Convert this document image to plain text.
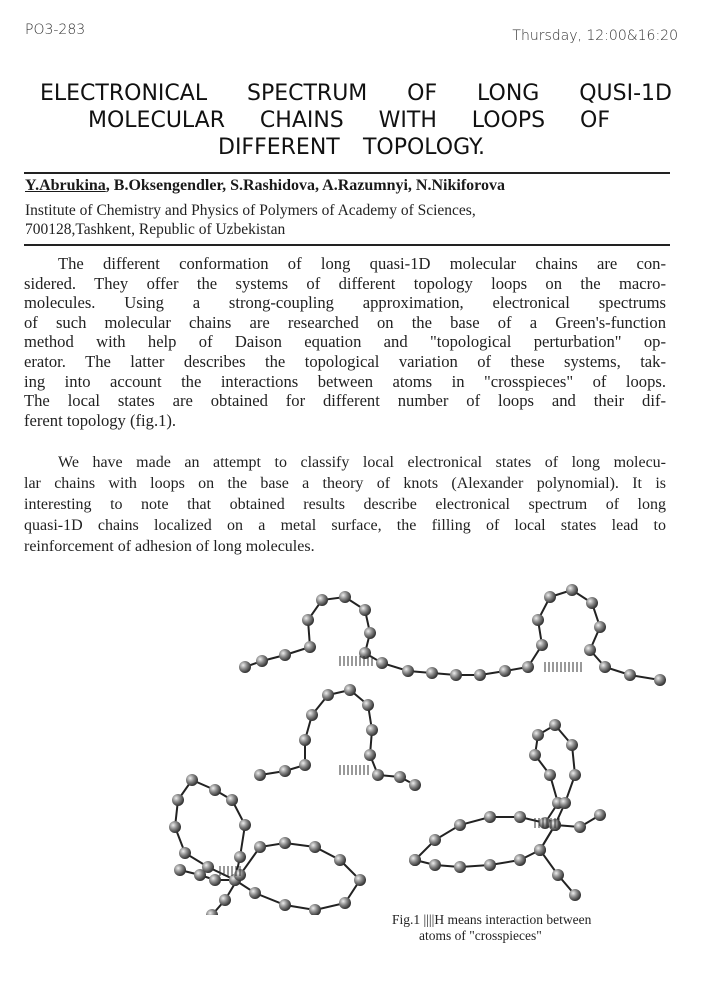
PO3-283	Thursday, 12:00&16:20
ELECTRONICAL SPECTRUM OF LONG QUSI-1D
MOLECULAR CHAINS WITH LOOPS OF
DIFFERENT TOPOLOGY.
Y.Abrukina, B.Oksengendler, S.Rashidova, A.Razumnyi, N.Nikiforova
Institute of Chemistry and Physics of Polymers of Academy of Sciences,
700128,Tashkent, Republic of Uzbekistan
The different conformation of long quasi-1D molecular chains are con-
sidered. They offer the systems of different topology loops on the macro-
molecules. Using a strong-coupling approximation, electronical spectrums
of such molecular chains are researched on the base of a Green's-function
method with help of Daison equation and "topological perturbation" op-
erator. The latter describes the topological variation of these systems, tak-
ing into account the interactions between atoms in "crosspieces" of loops.
The local states are obtained for different number of loops and their dif-
ferent topology (fig.1).
We have made an attempt to classify local electronical states of long molecu-
lar chains with loops on the base a theory of knots (Alexander polynomial). It is
interesting to note that obtained results describe electronical spectrum of long
quasi-1D chains localized on a metal surface, the filling of local states lead to
reinforcement of adhesion of long molecules.
Fig.1 ||||H means interaction between
atoms of "crosspieces"
